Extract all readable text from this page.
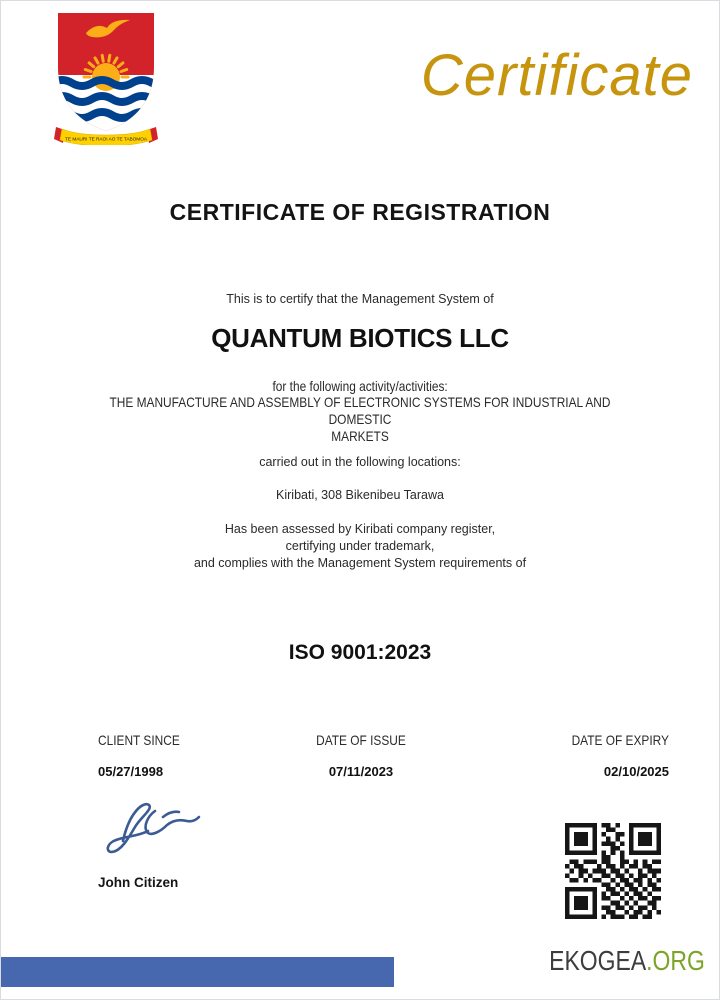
TE MAURI TE RAOI AO TE TABOMOA
Certificate
CERTIFICATE OF REGISTRATION
This is to certify that the Management System of
QUANTUM BIOTICS LLC
for the following activity/activities:
THE MANUFACTURE AND ASSEMBLY OF ELECTRONIC SYSTEMS FOR INDUSTRIAL AND
DOMESTIC
MARKETS
carried out in the following locations:
Kiribati, 308 Bikenibeu Tarawa
Has been assessed by Kiribati company register,
certifying under trademark,
and complies with the Management System requirements of
ISO 9001:2023
CLIENT SINCE
05/27/1998
DATE OF ISSUE
07/11/2023
DATE OF EXPIRY
02/10/2025
John Citizen
EKOGEA.ORG
